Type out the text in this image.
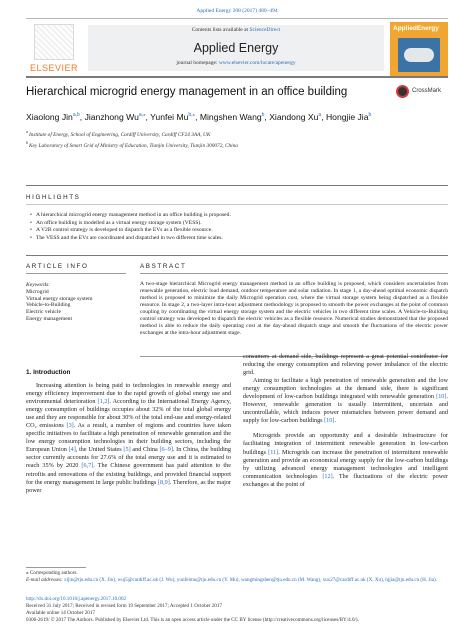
Applied Energy 208 (2017) 480–494
ELSEVIER
Contents lists available at ScienceDirect
Applied Energy
journal homepage: www.elsevier.com/locate/apenergy
AppliedEnergy
Hierarchical microgrid energy management in an office building	CrossMark
Xiaolong Jin$^{a,b}$, Jianzhong $Wu^{a,⁎}$, Yunfei $Mu^{b,⁎}$, Mingshen Wang$^b$, Xiandong Xu$^a$, Hongjie Jia$^b$
$^a$ Institute of Energy, School of Engineering, Cardiff University, Cardiff CF24 3AA, UK
$^b$ Key Laboratory of Smart Grid of Ministry of Education, Tianjin University, Tianjin 300072, China
HIGHLIGHTS
• A hierarchical microgrid energy management method in an office building is proposed.
• An office building is modelled as a virtual energy storage system (VESS).
• A V2B control strategy is developed to dispatch the EVs as a flexible resource.
• The VESS and the EVs are coordinated and dispatched in two different time scales.
ARTICLE INFO
Keywords:
Microgrid
Virtual energy storage system
Vehicle-to-Building
Electric vehicle
Energy management
ABSTRACT
A two-stage hierarchical Microgrid energy management method in an office building is proposed, which considers uncertainties from renewable generation, electric load demand, outdoor temperature and solar radiation. In stage 1, a day-ahead optimal economic dispatch method is proposed to minimize the daily Microgrid operation cost, where the virtual storage system being dispatched as a flexible resource. In stage 2, a two-layer intra-hour adjustment methodology is proposed to smooth the power exchanges at the point of common coupling by coordinating the virtual energy storage system and the electric vehicles in two different time scales. A Vehicle-to-Building control strategy was developed to dispatch the electric vehicles as a flexible resource. Numerical studies demonstrated that the proposed method is able to reduce the daily operating cost at the day-ahead dispatch stage and smooth the fluctuations of the electric power exchanges at the intra-hour adjustment stage.
1. Introduction

Increasing attention is being paid to technologies in renewable energy and energy efficiency improvement due to the rapid growth of global energy use and environmental deterioration [1,2]. According to the International Energy Agency, energy consumption of buildings occupies about 32% of the total global energy use and they are responsible for about 30% of the total end-use and energy-related CO₂ emissions [3]. As a result, a number of regions and countries have taken specific initiatives to facilitate a high penetration of renewable generation and the low energy consumption technologies in their building sectors, including the European Union [4], the United States [5] and China [6–9]. In China, the building sector currently accounts for 27.6% of the total energy use and it is estimated to reach 35% by 2020 [6,7]. The Chinese government has paid attention to the retrofits and renovations of the existing buildings, and provided financial support for the energy management in large public buildings [8,9]. Therefore, as the major power

consumers at demand side, buildings represent a great potential contributor for reducing the energy consumption and relieving power imbalance of the electric grid.

Aiming to facilitate a high penetration of renewable generation and the low energy consumption technologies at the demand side, there is significant development of low-carbon buildings integrated with renewable generation [10]. However, renewable generation is usually intermittent, uncertain and uncontrollable, which induces power mismatches between power demand and supply for low-carbon buildings [10].

Microgrids provide an opportunity and a desirable infrastructure for facilitating integration of intermittent renewable generation in low-carbon buildings [11]. Microgrids can increase the penetration of intermittent renewable generation and provide an economical energy supply for the low-carbon buildings by utilizing advanced energy management technologies and intelligent communication technologies [12]. The fluctuations of the electric power exchanges at the point of

⁎ Corresponding authors.
E-mail addresses: xljin@tju.edu.cn (X. Jin), wuj5@cardiff.ac.uk (J. Wu), yunfeimu@tju.edu.cn (Y. Mu), wangmingshen@tju.edu.cn (M. Wang), xux27@cardiff.ac.uk (X. Xu), hjjia@tju.edu.cn (H. Jia).
http://dx.doi.org/10.1016/j.apenergy.2017.10.002
Received 31 July 2017; Received in revised form 19 September 2017; Accepted 1 October 2017
Available online 14 October 2017
0306-2619/ © 2017 The Authors. Published by Elsevier Ltd. This is an open access article under the CC BY license (http://creativecommons.org/licenses/BY/4.0/).
